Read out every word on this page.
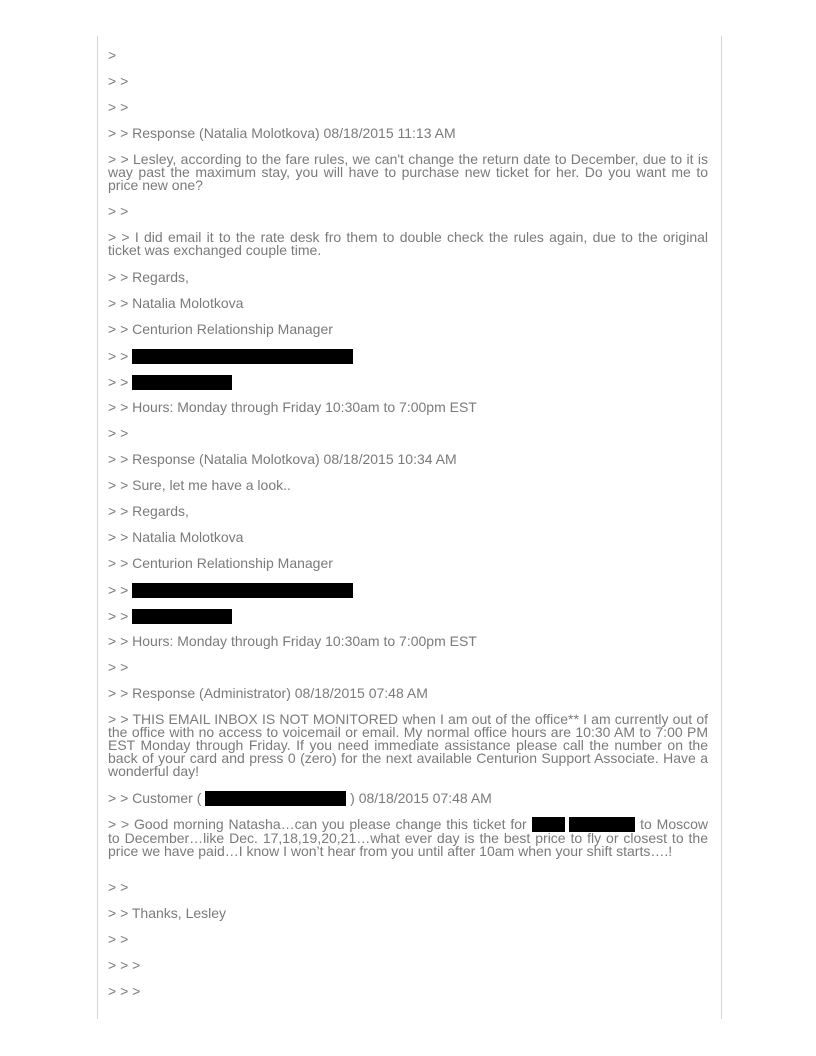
>

> >

> >

> > Response (Natalia Molotkova) 08/18/2015 11:13 AM

> > Lesley, according to the fare rules, we can't change the return date to December, due to it is way past the maximum stay, you will have to purchase new ticket for her. Do you want me to price new one?

> >

> > I did email it to the rate desk fro them to double check the rules again, due to the original ticket was exchanged couple time.

> > Regards,

> > Natalia Molotkova

> > Centurion Relationship Manager

> >

> >

> > Hours: Monday through Friday 10:30am to 7:00pm EST

> >

> > Response (Natalia Molotkova) 08/18/2015 10:34 AM

> > Sure, let me have a look..

> > Regards,

> > Natalia Molotkova

> > Centurion Relationship Manager

> >

> >

> > Hours: Monday through Friday 10:30am to 7:00pm EST

> >

> > Response (Administrator) 08/18/2015 07:48 AM

> > THIS EMAIL INBOX IS NOT MONITORED when I am out of the office** I am currently out of the office with no access to voicemail or email. My normal office hours are 10:30 AM to 7:00 PM EST Monday through Friday. If you need immediate assistance please call the number on the back of your card and press 0 (zero) for the next available Centurion Support Associate. Have a wonderful day!

> > Customer (	) 08/18/2015 07:48 AM

> > Good morning Natasha…can you please change this ticket for	to Moscow to December…like Dec. 17,18,19,20,21…what ever day is the best price to fly or closest to the price we have paid…I know I won’t hear from you until after 10am when your shift starts….!

> >

> > Thanks, Lesley

> >

> > >

> > >
